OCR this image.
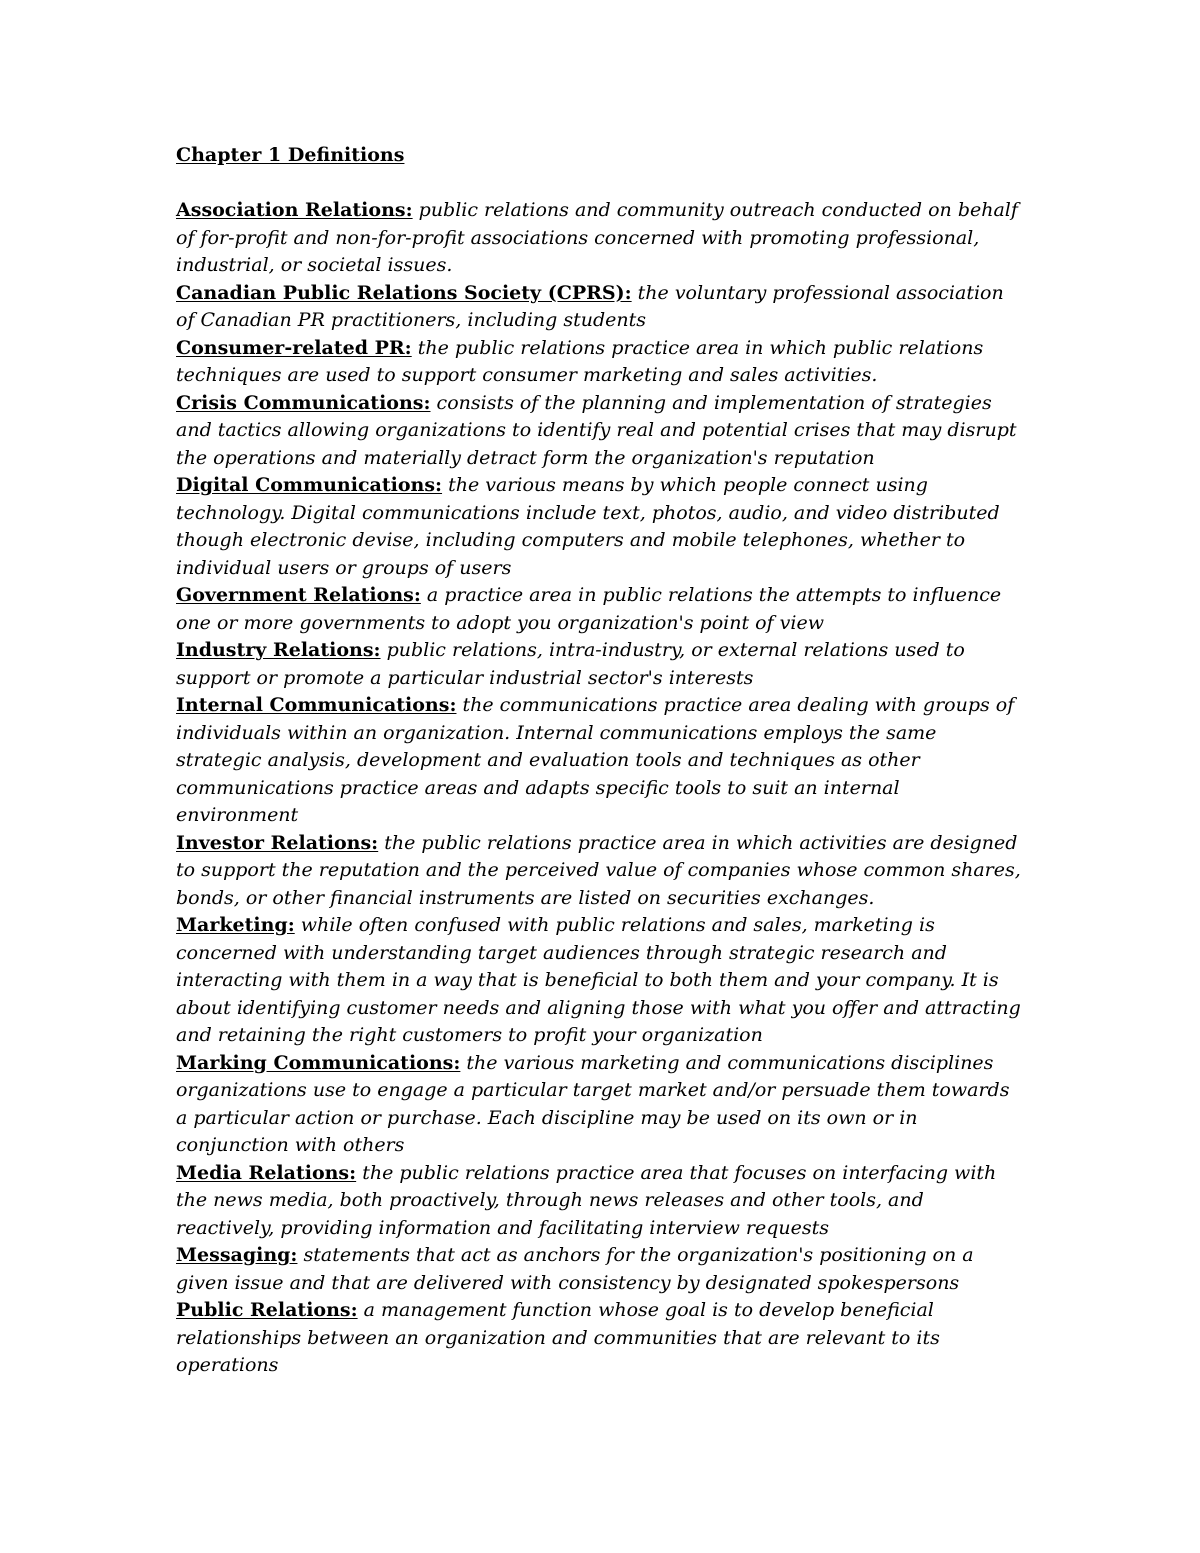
Chapter 1 Definitions

Association Relations: public relations and community outreach conducted on behalf of for-profit and non-for-profit associations concerned with promoting professional, industrial, or societal issues.

Canadian Public Relations Society (CPRS): the voluntary professional association of Canadian PR practitioners, including students

Consumer-related PR: the public relations practice area in which public relations techniques are used to support consumer marketing and sales activities.

Crisis Communications: consists of the planning and implementation of strategies and tactics allowing organizations to identify real and potential crises that may disrupt the operations and materially detract form the organization's reputation

Digital Communications: the various means by which people connect using technology. Digital communications include text, photos, audio, and video distributed though electronic devise, including computers and mobile telephones, whether to individual users or groups of users

Government Relations: a practice area in public relations the attempts to influence one or more governments to adopt you organization's point of view

Industry Relations: public relations, intra-industry, or external relations used to support or promote a particular industrial sector's interests

Internal Communications: the communications practice area dealing with groups of individuals within an organization. Internal communications employs the same strategic analysis, development and evaluation tools and techniques as other communications practice areas and adapts specific tools to suit an internal environment

Investor Relations: the public relations practice area in which activities are designed to support the reputation and the perceived value of companies whose common shares, bonds, or other financial instruments are listed on securities exchanges.

Marketing: while often confused with public relations and sales, marketing is concerned with understanding target audiences through strategic research and interacting with them in a way that is beneficial to both them and your company. It is about identifying customer needs and aligning those with what you offer and attracting and retaining the right customers to profit your organization

Marking Communications: the various marketing and communications disciplines organizations use to engage a particular target market and/or persuade them towards a particular action or purchase. Each discipline may be used on its own or in conjunction with others

Media Relations: the public relations practice area that focuses on interfacing with the news media, both proactively, through news releases and other tools, and reactively, providing information and facilitating interview requests

Messaging: statements that act as anchors for the organization's positioning on a given issue and that are delivered with consistency by designated spokespersons

Public Relations: a management function whose goal is to develop beneficial relationships between an organization and communities that are relevant to its operations
